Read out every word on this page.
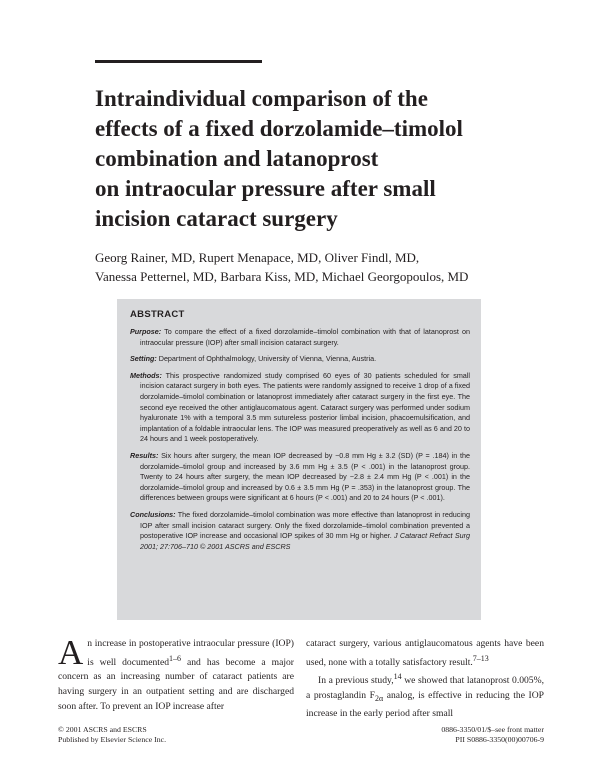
Intraindividual comparison of the
effects of a fixed dorzolamide–timolol
combination and latanoprost
on intraocular pressure after small
incision cataract surgery
Georg Rainer, MD, Rupert Menapace, MD, Oliver Findl, MD,
Vanessa Petternel, MD, Barbara Kiss, MD, Michael Georgopoulos, MD
ABSTRACT
Purpose: To compare the effect of a fixed dorzolamide–timolol combination with that of latanoprost on intraocular pressure (IOP) after small incision cataract surgery.
Setting: Department of Ophthalmology, University of Vienna, Vienna, Austria.
Methods: This prospective randomized study comprised 60 eyes of 30 patients scheduled for small incision cataract surgery in both eyes. The patients were randomly assigned to receive 1 drop of a fixed dorzolamide–timolol combination or latanoprost immediately after cataract surgery in the first eye. The second eye received the other antiglaucomatous agent. Cataract surgery was performed under sodium hyaluronate 1% with a temporal 3.5 mm sutureless posterior limbal incision, phacoemulsification, and implantation of a foldable intraocular lens. The IOP was measured preoperatively as well as 6 and 20 to 24 hours and 1 week postoperatively.
Results: Six hours after surgery, the mean IOP decreased by −0.8 mm Hg ± 3.2 (SD) (P = .184) in the dorzolamide–timolol group and increased by 3.6 mm Hg ± 3.5 (P < .001) in the latanoprost group. Twenty to 24 hours after surgery, the mean IOP decreased by −2.8 ± 2.4 mm Hg (P < .001) in the dorzolamide–timolol group and increased by 0.6 ± 3.5 mm Hg (P = .353) in the latanoprost group. The differences between groups were significant at 6 hours (P < .001) and 20 to 24 hours (P < .001).
Conclusions: The fixed dorzolamide–timolol combination was more effective than latanoprost in reducing IOP after small incision cataract surgery. Only the fixed dorzolamide–timolol combination prevented a postoperative IOP increase and occasional IOP spikes of 30 mm Hg or higher. J Cataract Refract Surg 2001; 27:706–710 © 2001 ASCRS and ESCRS

An increase in postoperative intraocular pressure (IOP) is well documented$^{1-6}$ and has become a major concern as an increasing number of cataract patients are having surgery in an outpatient setting and are discharged soon after. To prevent an IOP increase after

cataract surgery, various antiglaucomatous agents have been used, none with a totally satisfactory result.$^{7-13}$

In a previous study,$^{14}$ we showed that latanoprost 0.005%, a prostaglandin $F_{2\alpha}$ analog, is effective in reducing the IOP increase in the early period after small

© 2001 ASCRS and ESCRS
Published by Elsevier Science Inc.
0886-3350/01/$–see front matter
PII S0886-3350(00)00706-9
